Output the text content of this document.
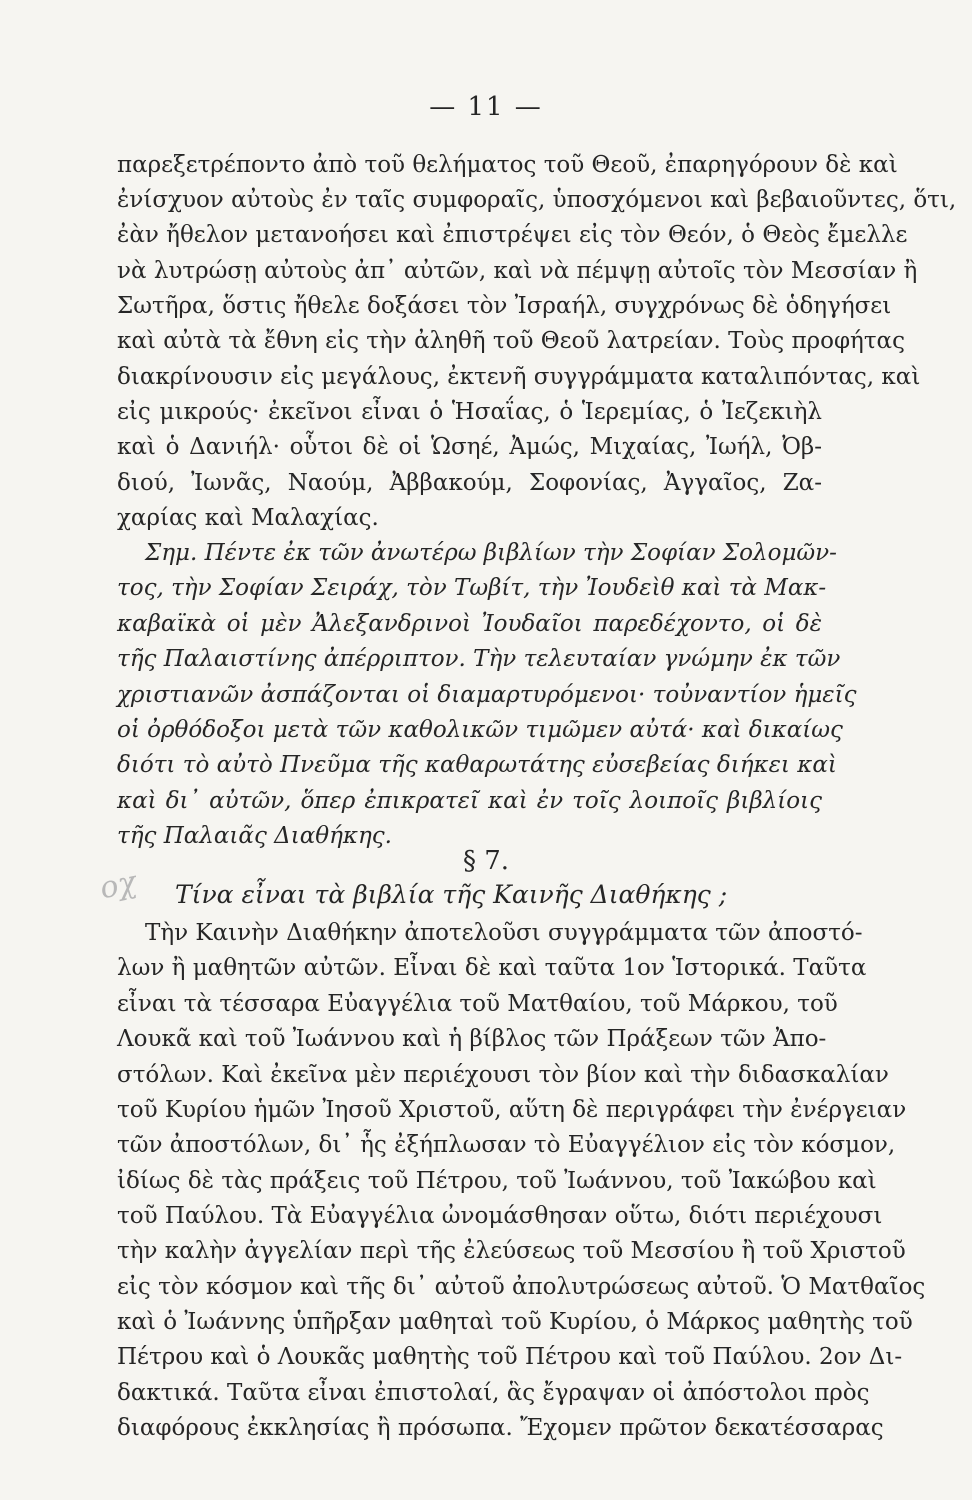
— 11 —
παρεξετρέποντο ἀπὸ τοῦ θελήματος τοῦ Θεοῦ, ἐπαρηγόρουν δὲ καὶ
ἐνίσχυον αὐτοὺς ἐν ταῖς συμφοραῖς, ὑποσχόμενοι καὶ βεβαιοῦντες, ὅτι,
ἐὰν ἤθελον μετανοήσει καὶ ἐπιστρέψει εἰς τὸν Θεόν, ὁ Θεὸς ἔμελλε
νὰ λυτρώσῃ αὐτοὺς ἀπ᾽ αὐτῶν, καὶ νὰ πέμψῃ αὐτοῖς τὸν Μεσσίαν ἢ
Σωτῆρα, ὅστις ἤθελε δοξάσει τὸν Ἰσραήλ, συγχρόνως δὲ ὁδηγήσει
καὶ αὐτὰ τὰ ἔθνη εἰς τὴν ἀληθῆ τοῦ Θεοῦ λατρείαν. Τοὺς προφήτας
διακρίνουσιν εἰς μεγάλους, ἐκτενῆ συγγράμματα καταλιπόντας, καὶ
εἰς μικρούς· ἐκεῖνοι εἶναι ὁ Ἡσαΐας, ὁ Ἱερεμίας, ὁ Ἰεζεκιὴλ
καὶ ὁ Δανιήλ· οὗτοι δὲ οἱ Ὡσηέ, Ἀμώς, Μιχαίας, Ἰωήλ, Ὀβ-
διού, Ἰωνᾶς, Ναούμ, Ἀββακούμ, Σοφονίας, Ἀγγαῖος, Ζα-
χαρίας καὶ Μαλαχίας.
Σημ. Πέντε ἐκ τῶν ἀνωτέρω βιβλίων τὴν Σοφίαν Σολομῶν-
τος, τὴν Σοφίαν Σειράχ, τὸν Τωβίτ, τὴν Ἰουδεὶθ καὶ τὰ Μακ-
καβαϊκὰ οἱ μὲν Ἀλεξανδρινοὶ Ἰουδαῖοι παρεδέχοντο, οἱ δὲ
τῆς Παλαιστίνης ἀπέρριπτον. Τὴν τελευταίαν γνώμην ἐκ τῶν
χριστιανῶν ἀσπάζονται οἱ διαμαρτυρόμενοι· τοὐναντίον ἡμεῖς
οἱ ὀρθόδοξοι μετὰ τῶν καθολικῶν τιμῶμεν αὐτά· καὶ δικαίως
διότι τὸ αὐτὸ Πνεῦμα τῆς καθαρωτάτης εὐσεβείας διήκει καὶ
καὶ δι᾽ αὐτῶν, ὅπερ ἐπικρατεῖ καὶ ἐν τοῖς λοιποῖς βιβλίοις
τῆς Παλαιᾶς Διαθήκης.
§ 7.
οχ Τίνα εἶναι τὰ βιβλία τῆς Καινῆς Διαθήκης ;
Τὴν Καινὴν Διαθήκην ἀποτελοῦσι συγγράμματα τῶν ἀποστό-
λων ἢ μαθητῶν αὐτῶν. Εἶναι δὲ καὶ ταῦτα 1ον Ἱστορικά. Ταῦτα
εἶναι τὰ τέσσαρα Εὐαγγέλια τοῦ Ματθαίου, τοῦ Μάρκου, τοῦ
Λουκᾶ καὶ τοῦ Ἰωάννου καὶ ἡ βίβλος τῶν Πράξεων τῶν Ἀπο-
στόλων. Καὶ ἐκεῖνα μὲν περιέχουσι τὸν βίον καὶ τὴν διδασκαλίαν
τοῦ Κυρίου ἡμῶν Ἰησοῦ Χριστοῦ, αὕτη δὲ περιγράφει τὴν ἐνέργειαν
τῶν ἀποστόλων, δι᾽ ἧς ἐξήπλωσαν τὸ Εὐαγγέλιον εἰς τὸν κόσμον,
ἰδίως δὲ τὰς πράξεις τοῦ Πέτρου, τοῦ Ἰωάννου, τοῦ Ἰακώβου καὶ
τοῦ Παύλου. Τὰ Εὐαγγέλια ὠνομάσθησαν οὕτω, διότι περιέχουσι
τὴν καλὴν ἀγγελίαν περὶ τῆς ἐλεύσεως τοῦ Μεσσίου ἢ τοῦ Χριστοῦ
εἰς τὸν κόσμον καὶ τῆς δι᾽ αὐτοῦ ἀπολυτρώσεως αὐτοῦ. Ὁ Ματθαῖος
καὶ ὁ Ἰωάννης ὑπῆρξαν μαθηταὶ τοῦ Κυρίου, ὁ Μάρκος μαθητὴς τοῦ
Πέτρου καὶ ὁ Λουκᾶς μαθητὴς τοῦ Πέτρου καὶ τοῦ Παύλου. 2ον Δι-
δακτικά. Ταῦτα εἶναι ἐπιστολαί, ἃς ἔγραψαν οἱ ἀπόστολοι πρὸς
διαφόρους ἐκκλησίας ἢ πρόσωπα. Ἔχομεν πρῶτον δεκατέσσαρας
